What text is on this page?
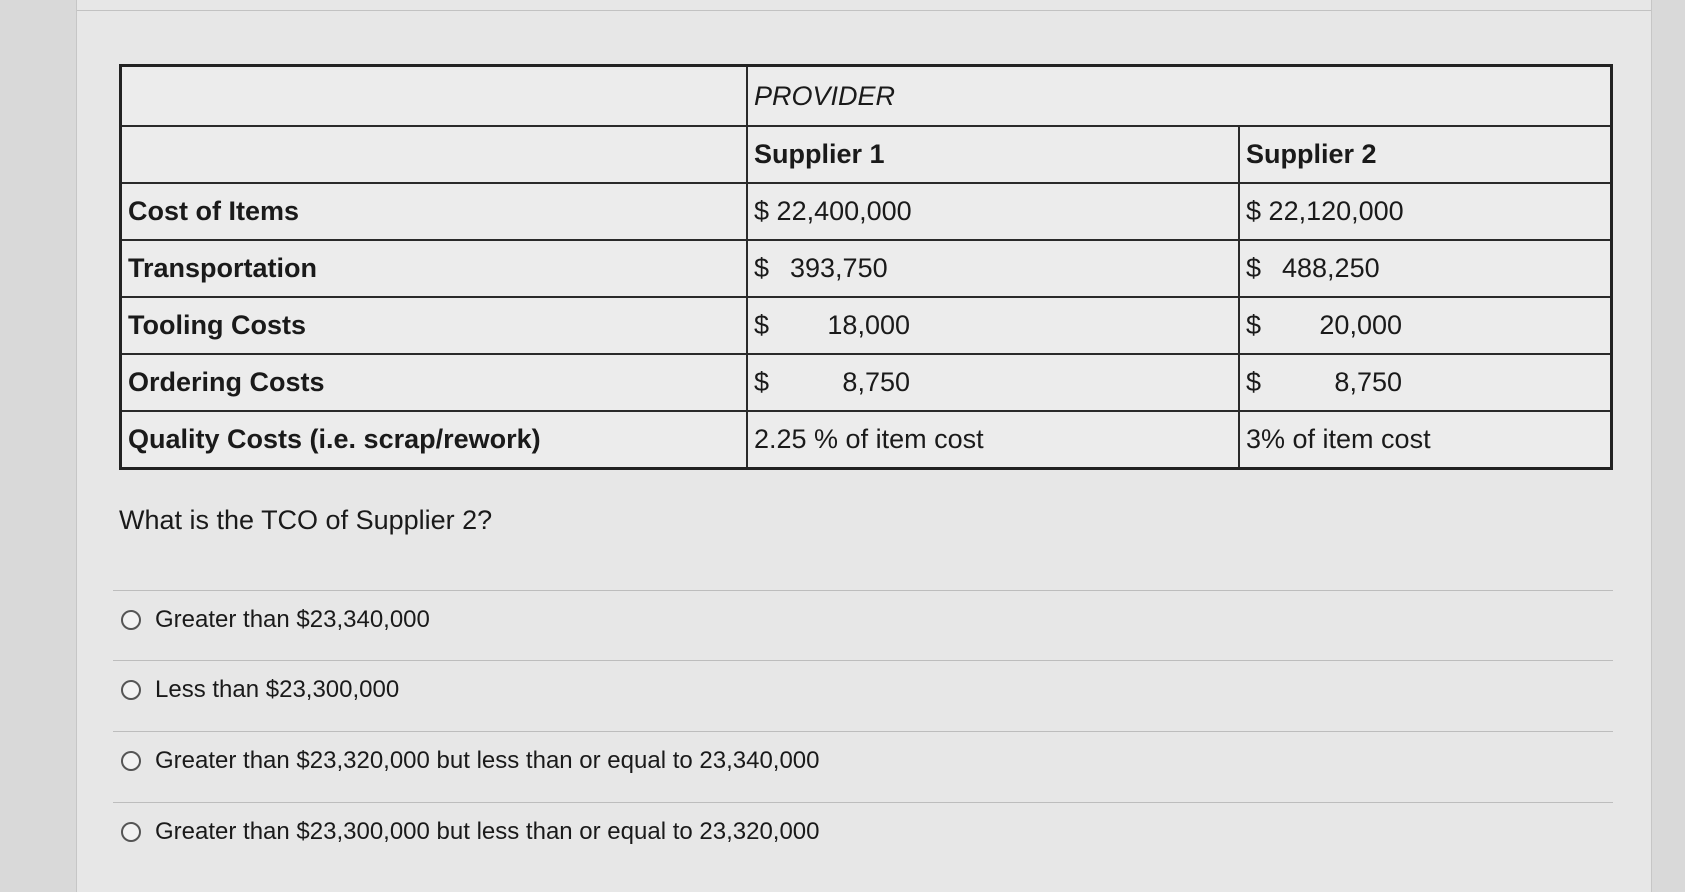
	PROVIDER	
	Supplier 1	Supplier 2
Cost of Items	$ 22,400,000	$ 22,120,000
Transportation	$ 393,750	$ 488,250

Tooling Costs	$ 18,000	$ 20,000

Ordering Costs	$ 8,750	$ 8,750

Quality Costs (i.e. scrap/rework)	2.25 % of item cost	3% of item cost
What is the TCO of Supplier 2?
Greater than $23,340,000
Less than $23,300,000
Greater than $23,320,000 but less than or equal to 23,340,000
Greater than $23,300,000 but less than or equal to 23,320,000
